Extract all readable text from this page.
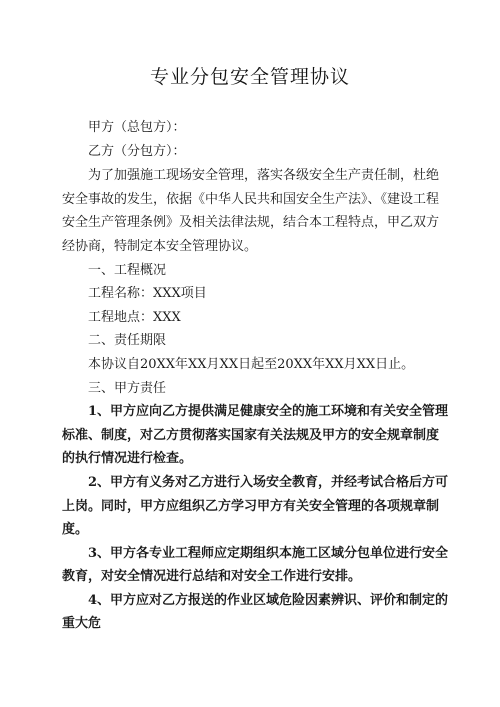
专业分包安全管理协议

甲方（总包方）：

乙方（分包方）：

为了加强施工现场安全管理，落实各级安全生产责任制，杜绝安全事故的发生，依据《中华人民共和国安全生产法》、《建设工程安全生产管理条例》及相关法律法规，结合本工程特点，甲乙双方经协商，特制定本安全管理协议。

一、工程概况

工程名称：XXX项目

工程地点：XXX

二、责任期限

本协议自20XX年XX月XX日起至20XX年XX月XX日止。

三、甲方责任

1、甲方应向乙方提供满足健康安全的施工环境和有关安全管理标准、制度，对乙方贯彻落实国家有关法规及甲方的安全规章制度的执行情况进行检查。

2、甲方有义务对乙方进行入场安全教育，并经考试合格后方可上岗。同时，甲方应组织乙方学习甲方有关安全管理的各项规章制度。

3、甲方各专业工程师应定期组织本施工区域分包单位进行安全教育，对安全情况进行总结和对安全工作进行安排。

4、甲方应对乙方报送的作业区域危险因素辨识、评价和制定的重大危
